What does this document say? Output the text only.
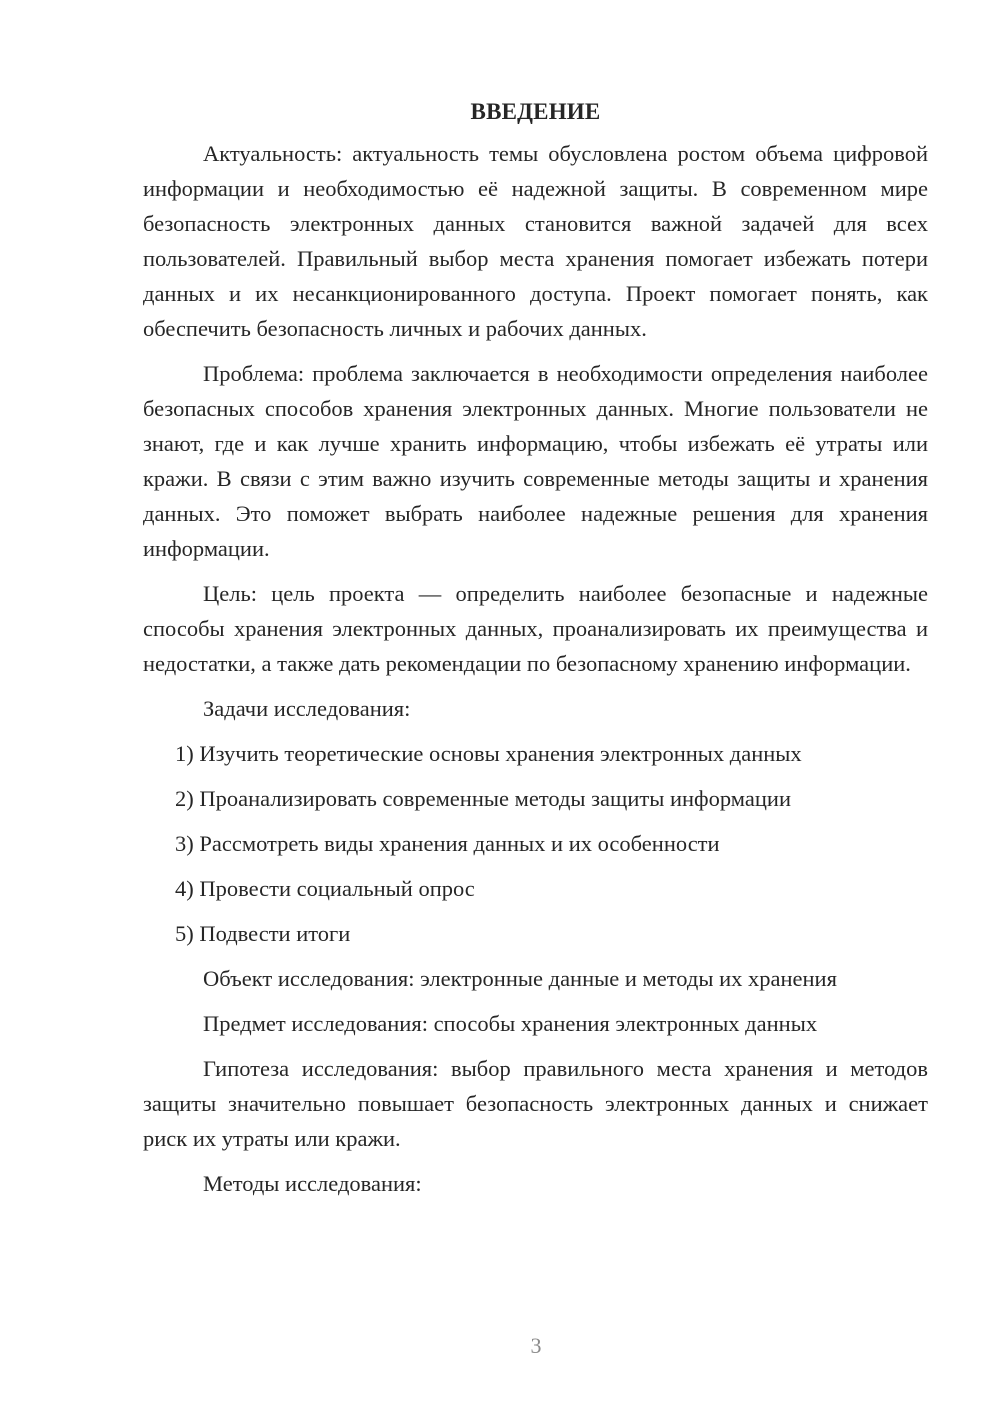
ВВЕДЕНИЕ

Актуальность: актуальность темы обусловлена ростом объема цифровой информации и необходимостью её надежной защиты. В современном мире безопасность электронных данных становится важной задачей для всех пользователей. Правильный выбор места хранения помогает избежать потери данных и их несанкционированного доступа. Проект помогает понять, как обеспечить безопасность личных и рабочих данных.

Проблема: проблема заключается в необходимости определения наиболее безопасных способов хранения электронных данных. Многие пользователи не знают, где и как лучше хранить информацию, чтобы избежать её утраты или кражи. В связи с этим важно изучить современные методы защиты и хранения данных. Это поможет выбрать наиболее надежные решения для хранения информации.

Цель: цель проекта — определить наиболее безопасные и надежные способы хранения электронных данных, проанализировать их преимущества и недостатки, а также дать рекомендации по безопасному хранению информации.

Задачи исследования:

1) Изучить теоретические основы хранения электронных данных
2) Проанализировать современные методы защиты информации
3) Рассмотреть виды хранения данных и их особенности
4) Провести социальный опрос
5) Подвести итоги

Объект исследования: электронные данные и методы их хранения

Предмет исследования: способы хранения электронных данных

Гипотеза исследования: выбор правильного места хранения и методов защиты значительно повышает безопасность электронных данных и снижает риск их утраты или кражи.

Методы исследования:

3
